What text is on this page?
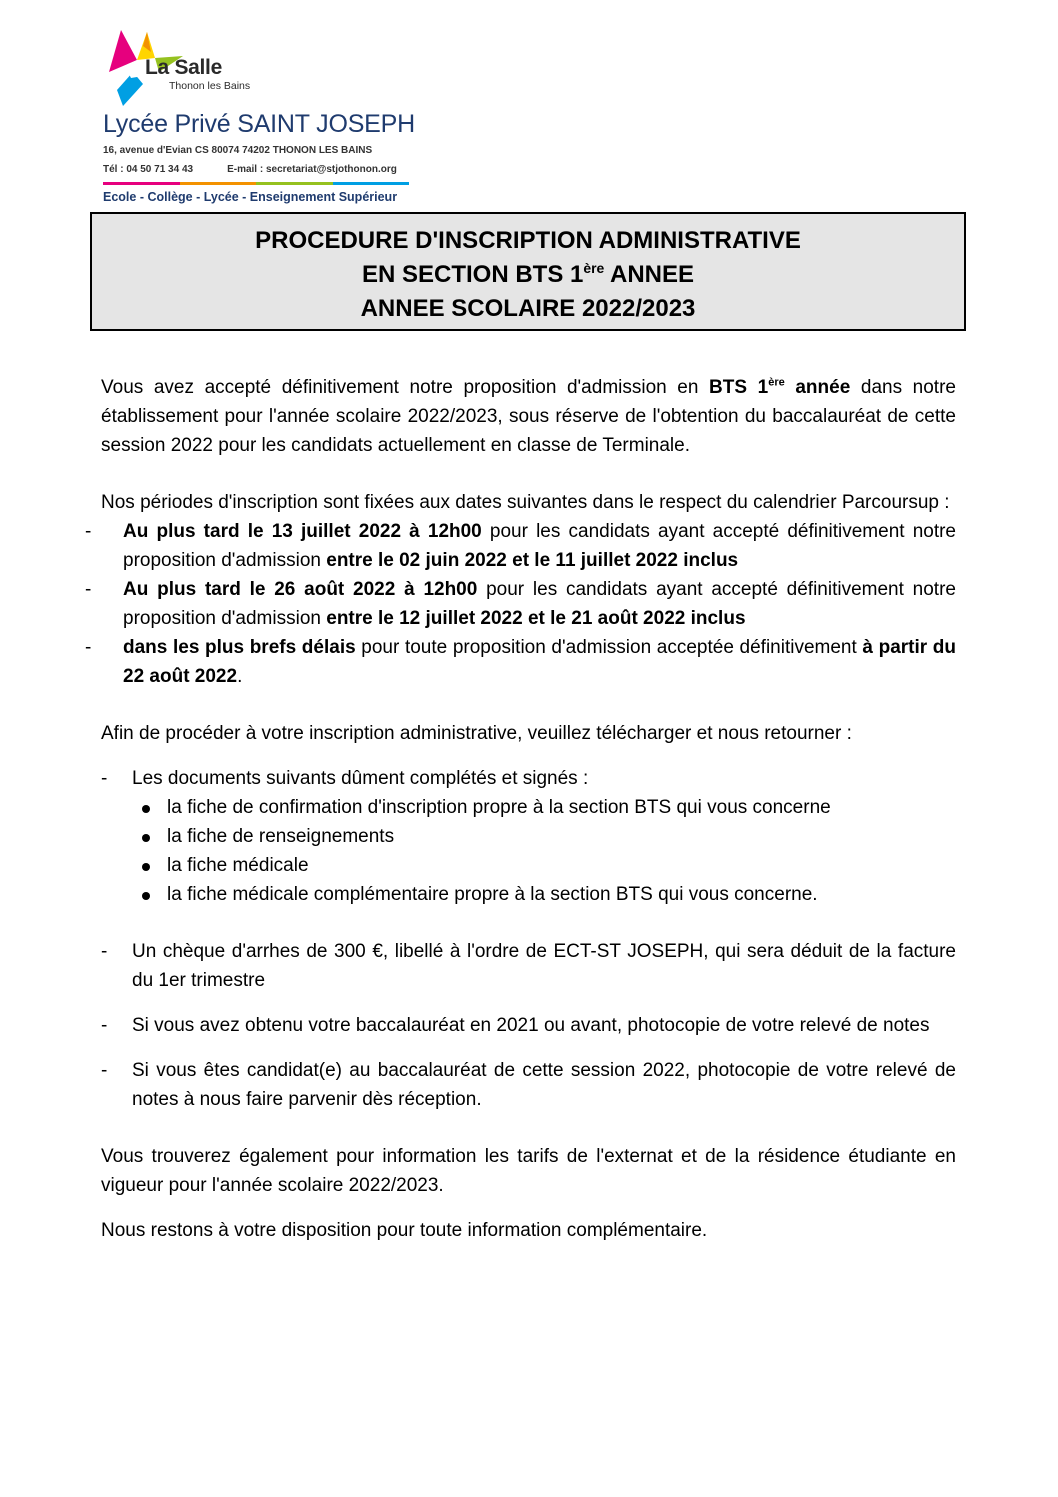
La Salle
Thonon les Bains
Lycée Privé SAINT JOSEPH
16, avenue d'Evian CS 80074 74202 THONON LES BAINS
Tél : 04 50 71 34 43	E-mail : secretariat@stjothonon.org
Ecole - Collège - Lycée - Enseignement Supérieur
PROCEDURE D'INSCRIPTION ADMINISTRATIVE
EN SECTION BTS 1ère ANNEE
ANNEE SCOLAIRE 2022/2023

Vous avez accepté définitivement notre proposition d'admission en BTS 1ère année dans notre établissement pour l'année scolaire 2022/2023, sous réserve de l'obtention du baccalauréat de cette session 2022 pour les candidats actuellement en classe de Terminale.

Nos périodes d'inscription sont fixées aux dates suivantes dans le respect du calendrier Parcoursup :

- Au plus tard le 13 juillet 2022 à 12h00 pour les candidats ayant accepté définitivement notre proposition d'admission entre le 02 juin 2022 et le 11 juillet 2022 inclus
- Au plus tard le 26 août 2022 à 12h00 pour les candidats ayant accepté définitivement notre proposition d'admission entre le 12 juillet 2022 et le 21 août 2022 inclus
- dans les plus brefs délais pour toute proposition d'admission acceptée définitivement à partir du 22 août 2022.

Afin de procéder à votre inscription administrative, veuillez télécharger et nous retourner :

- Les documents suivants dûment complétés et signés :
la fiche de confirmation d'inscription propre à la section BTS qui vous concerne
la fiche de renseignements
la fiche médicale
la fiche médicale complémentaire propre à la section BTS qui vous concerne.
- Un chèque d'arrhes de 300 €, libellé à l'ordre de ECT-ST JOSEPH, qui sera déduit de la facture du 1er trimestre
- Si vous avez obtenu votre baccalauréat en 2021 ou avant, photocopie de votre relevé de notes
- Si vous êtes candidat(e) au baccalauréat de cette session 2022, photocopie de votre relevé de notes à nous faire parvenir dès réception.

Vous trouverez également pour information les tarifs de l'externat et de la résidence étudiante en vigueur pour l'année scolaire 2022/2023.

Nous restons à votre disposition pour toute information complémentaire.
